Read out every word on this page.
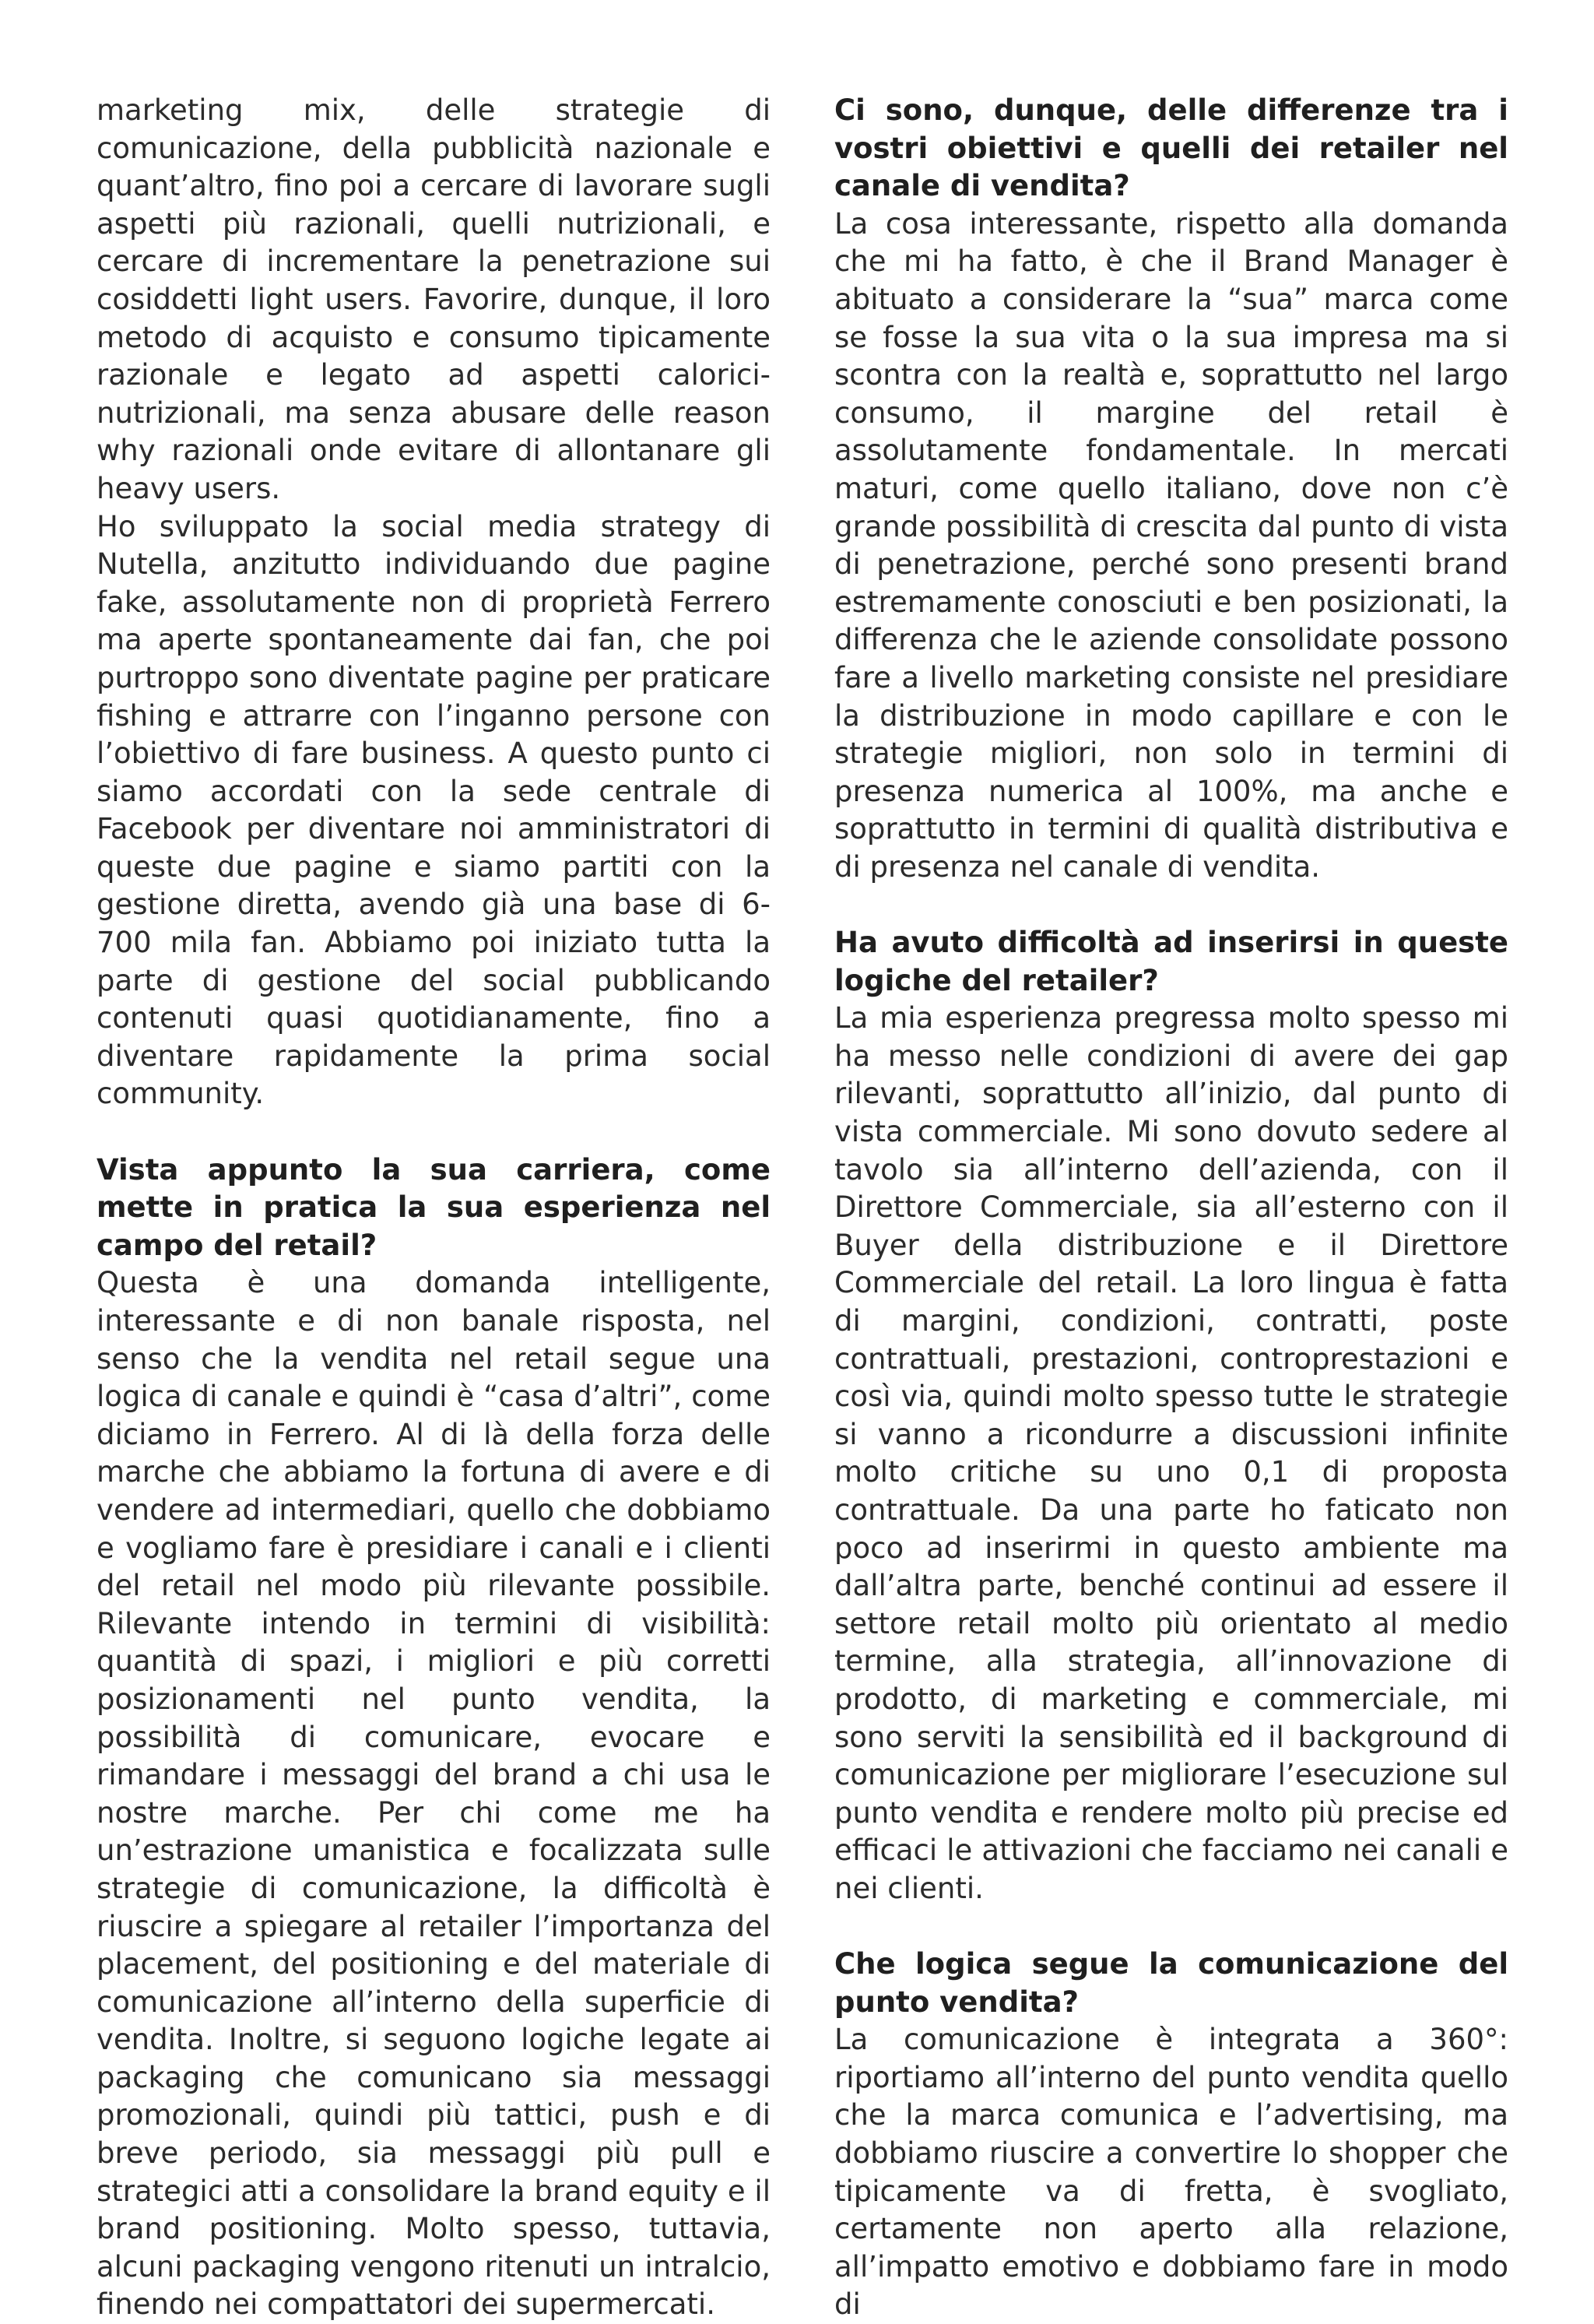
marketing mix, delle strategie di comunicazione, della pubblicità nazionale e quant’altro, fino poi a cercare di lavorare sugli aspetti più razionali, quelli nutrizionali, e cercare di incrementare la penetrazione sui cosiddetti light users. Favorire, dunque, il loro metodo di acquisto e consumo tipicamente razionale e legato ad aspetti calorici-nutrizionali, ma senza abusare delle reason why razionali onde evitare di allontanare gli heavy users.

Ho sviluppato la social media strategy di Nutella, anzitutto individuando due pagine fake, assolutamente non di proprietà Ferrero ma aperte spontaneamente dai fan, che poi purtroppo sono diventate pagine per praticare fishing e attrarre con l’inganno persone con l’obiettivo di fare business. A questo punto ci siamo accordati con la sede centrale di Facebook per diventare noi amministratori di queste due pagine e siamo partiti con la gestione diretta, avendo già una base di 6-700 mila fan. Abbiamo poi iniziato tutta la parte di gestione del social pubblicando contenuti quasi quotidianamente, fino a diventare rapidamente la prima social community.

Vista appunto la sua carriera, come mette in pratica la sua esperienza nel campo del retail?

Questa è una domanda intelligente, interessante e di non banale risposta, nel senso che la vendita nel retail segue una logica di canale e quindi è “casa d’altri”, come diciamo in Ferrero. Al di là della forza delle marche che abbiamo la fortuna di avere e di vendere ad intermediari, quello che dobbiamo e vogliamo fare è presidiare i canali e i clienti del retail nel modo più rilevante possibile. Rilevante intendo in termini di visibilità: quantità di spazi, i migliori e più corretti posizionamenti nel punto vendita, la possibilità di comunicare, evocare e rimandare i messaggi del brand a chi usa le nostre marche. Per chi come me ha un’estrazione umanistica e focalizzata sulle strategie di comunicazione, la difficoltà è riuscire a spiegare al retailer l’importanza del placement, del positioning e del materiale di comunicazione all’interno della superficie di vendita. Inoltre, si seguono logiche legate ai packaging che comunicano sia messaggi promozionali, quindi più tattici, push e di breve periodo, sia messaggi più pull e strategici atti a consolidare la brand equity e il brand positioning. Molto spesso, tuttavia, alcuni packaging vengono ritenuti un intralcio, finendo nei compattatori dei supermercati.

Ci sono, dunque, delle differenze tra i vostri obiettivi e quelli dei retailer nel canale di vendita?

La cosa interessante, rispetto alla domanda che mi ha fatto, è che il Brand Manager è abituato a considerare la “sua” marca come se fosse la sua vita o la sua impresa ma si scontra con la realtà e, soprattutto nel largo consumo, il margine del retail è assolutamente fondamentale. In mercati maturi, come quello italiano, dove non c’è grande possibilità di crescita dal punto di vista di penetrazione, perché sono presenti brand estremamente conosciuti e ben posizionati, la differenza che le aziende consolidate possono fare a livello marketing consiste nel presidiare la distribuzione in modo capillare e con le strategie migliori, non solo in termini di presenza numerica al 100%, ma anche e soprattutto in termini di qualità distributiva e di presenza nel canale di vendita.

Ha avuto difficoltà ad inserirsi in queste logiche del retailer?

La mia esperienza pregressa molto spesso mi ha messo nelle condizioni di avere dei gap rilevanti, soprattutto all’inizio, dal punto di vista commerciale. Mi sono dovuto sedere al tavolo sia all’interno dell’azienda, con il Direttore Commerciale, sia all’esterno con il Buyer della distribuzione e il Direttore Commerciale del retail. La loro lingua è fatta di margini, condizioni, contratti, poste contrattuali, prestazioni, controprestazioni e così via, quindi molto spesso tutte le strategie si vanno a ricondurre a discussioni infinite molto critiche su uno 0,1 di proposta contrattuale. Da una parte ho faticato non poco ad inserirmi in questo ambiente ma dall’altra parte, benché continui ad essere il settore retail molto più orientato al medio termine, alla strategia, all’innovazione di prodotto, di marketing e commerciale, mi sono serviti la sensibilità ed il background di comunicazione per migliorare l’esecuzione sul punto vendita e rendere molto più precise ed efficaci le attivazioni che facciamo nei canali e nei clienti.

Che logica segue la comunicazione del punto vendita?

La comunicazione è integrata a 360°: riportiamo all’interno del punto vendita quello che la marca comunica e l’advertising, ma dobbiamo riuscire a convertire lo shopper che tipicamente va di fretta, è svogliato, certamente non aperto alla relazione, all’impatto emotivo e dobbiamo fare in modo di
